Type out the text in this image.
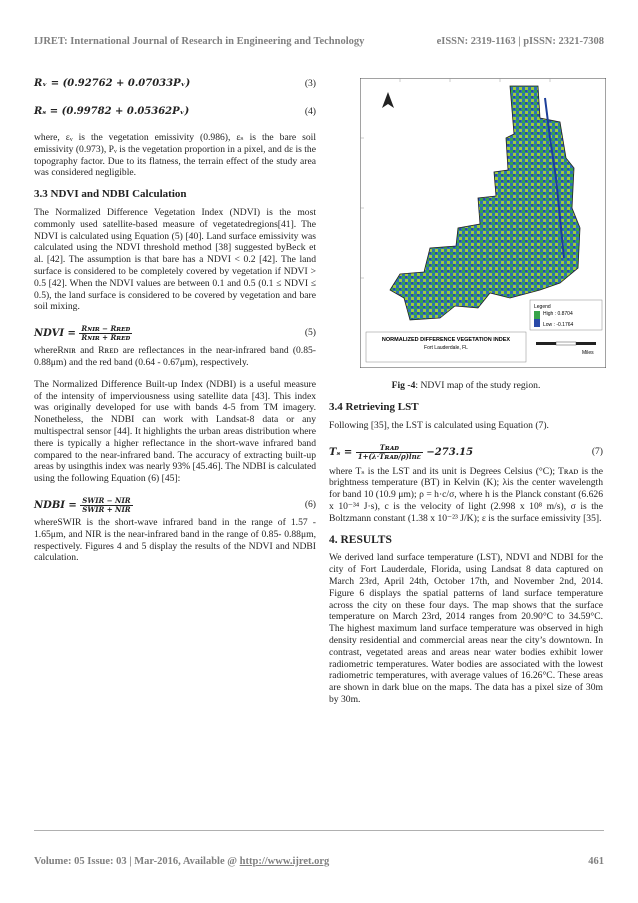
IJRET: International Journal of Research in Engineering and Technology	eISSN: 2319-1163 | pISSN: 2321-7308
Rᵥ = (0.92762 + 0.07033Pᵥ)	(3)
Rₛ = (0.99782 + 0.05362Pᵥ)	(4)

where, εᵥ is the vegetation emissivity (0.986), εₛ is the bare soil emissivity (0.973), Pᵥ is the vegetation proportion in a pixel, and dε is the topography factor. Due to its flatness, the terrain effect of the study area was considered negligible.

3.3 NDVI and NDBI Calculation

The Normalized Difference Vegetation Index (NDVI) is the most commonly used satellite-based measure of vegetatedregions[41]. The NDVI is calculated using Equation (5) [40]. Land surface emissivity was calculated using the NDVI threshold method [38] suggested byBeck et al. [42]. The assumption is that bare has a NDVI < 0.2 [42]. The land surface is considered to be completely covered by vegetation if NDVI > 0.5 [42]. When the NDVI values are between 0.1 and 0.5 (0.1 ≤ NDVI ≤ 0.5), the land surface is considered to be covered by vegetation and bare soil mixing.

NDVI = $\frac{\text{Rɴɪʀ − Rʀᴇᴅ}}{\text{Rɴɪʀ + Rʀᴇᴅ}}$	(5)

whereRɴɪʀ and Rʀᴇᴅ are reflectances in the near-infrared band (0.85- 0.88μm) and the red band (0.64 - 0.67μm), respectively.

The Normalized Difference Built-up Index (NDBI) is a useful measure of the intensity of imperviousness using satellite data [43]. This index was originally developed for use with bands 4-5 from TM imagery. Nonetheless, the NDBI can work with Landsat-8 data or any multispectral sensor [44]. It highlights the urban areas distribution where there is typically a higher reflectance in the short-wave infrared band compared to the near-infrared band. The accuracy of extracting built-up areas by usingthis index was nearly 93% [45.46]. The NDBI is calculated using the following Equation (6) [45]:

NDBI = $\frac{\text{SWIR − NIR}}{\text{SWIR + NIR}}$	(6)

whereSWIR is the short-wave infrared band in the range of 1.57 - 1.65μm, and NIR is the near-infrared band in the range of 0.85- 0.88μm, respectively. Figures 4 and 5 display the results of the NDVI and NDBI calculation.

Legend
High : 0.8704
Low : -0.1764
NORMALIZED DIFFERENCE VEGETATION INDEX
Fort Lauderdale, FL
Miles
Fig -4: NDVI map of the study region.
3.4 Retrieving LST

Following [35], the LST is calculated using Equation (7).

$T_s = \frac{\text{Tʀᴀᴅ}}{\text{1+(λ·Tʀᴀᴅ/ρ)lnε}} -273.15$	(7)

where Tₛ is the LST and its unit is Degrees Celsius (°C); Tʀᴀᴅ is the brightness temperature (BT) in Kelvin (K); λis the center wavelength for band 10 (10.9 μm); ρ = h·c/σ, where h is the Planck constant (6.626 x 10⁻³⁴ J·s), c is the velocity of light (2.998 x 10⁸ m/s), σ is the Boltzmann constant (1.38 x 10⁻²³ J/K); ε is the surface emissivity [35].

4. RESULTS

We derived land surface temperature (LST), NDVI and NDBI for the city of Fort Lauderdale, Florida, using Landsat 8 data captured on March 23rd, April 24th, October 17th, and November 2nd, 2014. Figure 6 displays the spatial patterns of land surface temperature across the city on these four days. The map shows that the surface temperature on March 23rd, 2014 ranges from 20.90°C to 34.59°C. The highest maximum land surface temperature was observed in high density residential and commercial areas near the city’s downtown. In contrast, vegetated areas and areas near water bodies exhibit lower radiometric temperatures. Water bodies are associated with the lowest radiometric temperatures, with average values of 16.26°C. These areas are shown in dark blue on the maps. The data has a pixel size of 30m by 30m.

Volume: 05 Issue: 03 | Mar-2016, Available @ http://www.ijret.org	461
